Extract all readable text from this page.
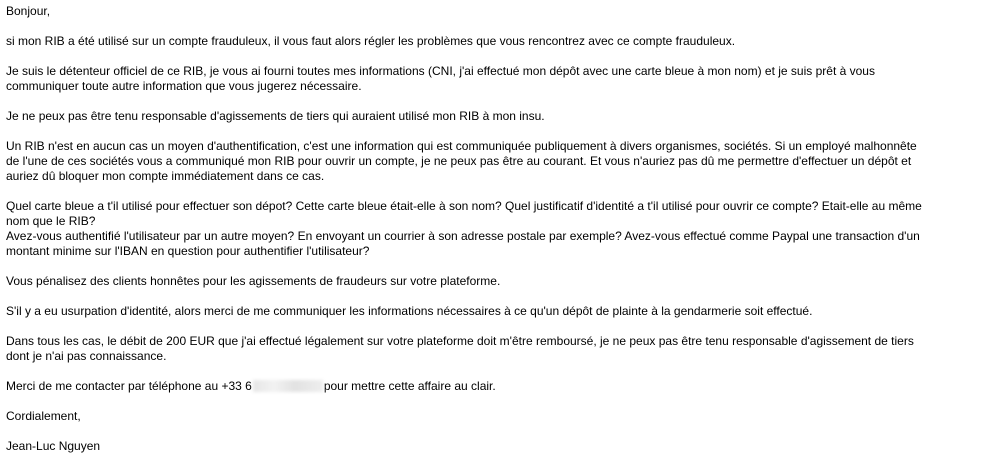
Bonjour,
si mon RIB a été utilisé sur un compte frauduleux, il vous faut alors régler les problèmes que vous rencontrez avec ce compte frauduleux.
Je suis le détenteur officiel de ce RIB, je vous ai fourni toutes mes informations (CNI, j'ai effectué mon dépôt avec une carte bleue à mon nom) et je suis prêt à vous
communiquer toute autre information que vous jugerez nécessaire.
Je ne peux pas être tenu responsable d'agissements de tiers qui auraient utilisé mon RIB à mon insu.
Un RIB n'est en aucun cas un moyen d'authentification, c'est une information qui est communiquée publiquement à divers organismes, sociétés. Si un employé malhonnête
de l'une de ces sociétés vous a communiqué mon RIB pour ouvrir un compte, je ne peux pas être au courant. Et vous n'auriez pas dû me permettre d'effectuer un dépôt et
auriez dû bloquer mon compte immédiatement dans ce cas.
Quel carte bleue a t'il utilisé pour effectuer son dépot? Cette carte bleue était-elle à son nom? Quel justificatif d'identité a t'il utilisé pour ouvrir ce compte? Etait-elle au même
nom que le RIB?
Avez-vous authentifié l'utilisateur par un autre moyen? En envoyant un courrier à son adresse postale par exemple? Avez-vous effectué comme Paypal une transaction d'un
montant minime sur l'IBAN en question pour authentifier l'utilisateur?
Vous pénalisez des clients honnêtes pour les agissements de fraudeurs sur votre plateforme.
S'il y a eu usurpation d'identité, alors merci de me communiquer les informations nécessaires à ce qu'un dépôt de plainte à la gendarmerie soit effectué.
Dans tous les cas, le débit de 200 EUR que j'ai effectué légalement sur votre plateforme doit m'être remboursé, je ne peux pas être tenu responsable d'agissement de tiers
dont je n'ai pas connaissance.
Merci de me contacter par téléphone au +33 6	pour mettre cette affaire au clair.
Cordialement,
Jean-Luc Nguyen
